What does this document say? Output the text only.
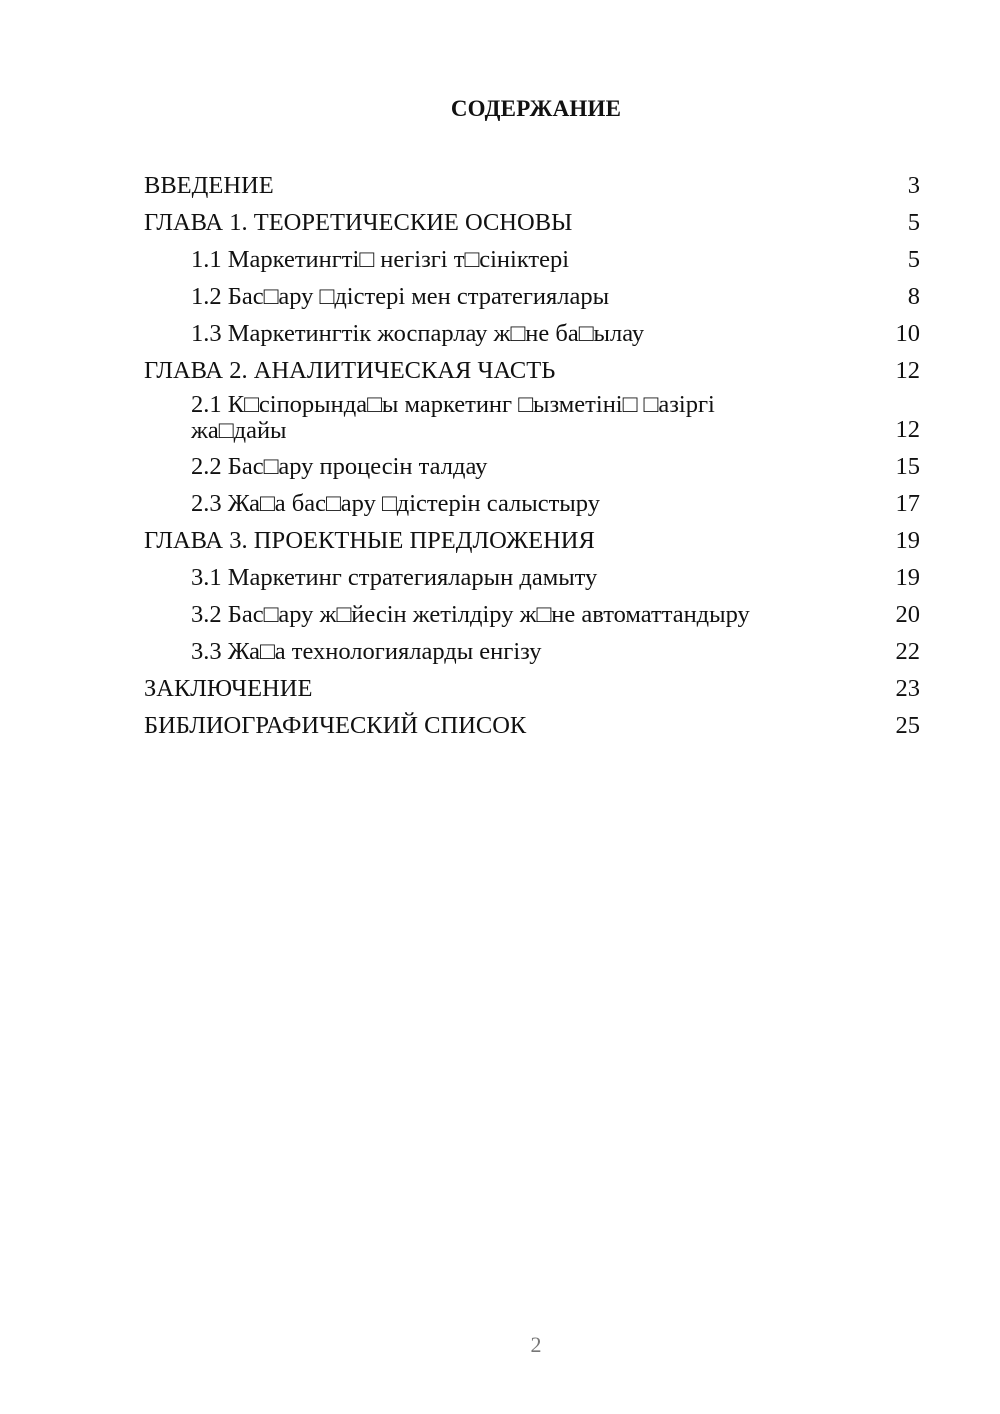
СОДЕРЖАНИЕ
ВВЕДЕНИЕ	3
ГЛАВА 1. ТЕОРЕТИЧЕСКИЕ ОСНОВЫ	5
1.1 Маркетингті□ негізгі т□сініктері	5
1.2 Бас□ару □дістері мен стратегиялары	8
1.3 Маркетингтік жоспарлау ж□не ба□ылау	10
ГЛАВА 2. АНАЛИТИЧЕСКАЯ ЧАСТЬ	12
2.1 К□сіпорында□ы маркетинг □ызметіні□ □азіргі жа□дайы	12
2.2 Бас□ару процесін талдау	15
2.3 Жа□а бас□ару □дістерін салыстыру	17
ГЛАВА 3. ПРОЕКТНЫЕ ПРЕДЛОЖЕНИЯ	19
3.1 Маркетинг стратегияларын дамыту	19
3.2 Бас□ару ж□йесін жетілдіру ж□не автоматтандыру	20
3.3 Жа□а технологияларды енгізу	22
ЗАКЛЮЧЕНИЕ	23
БИБЛИОГРАФИЧЕСКИЙ СПИСОК	25
2
